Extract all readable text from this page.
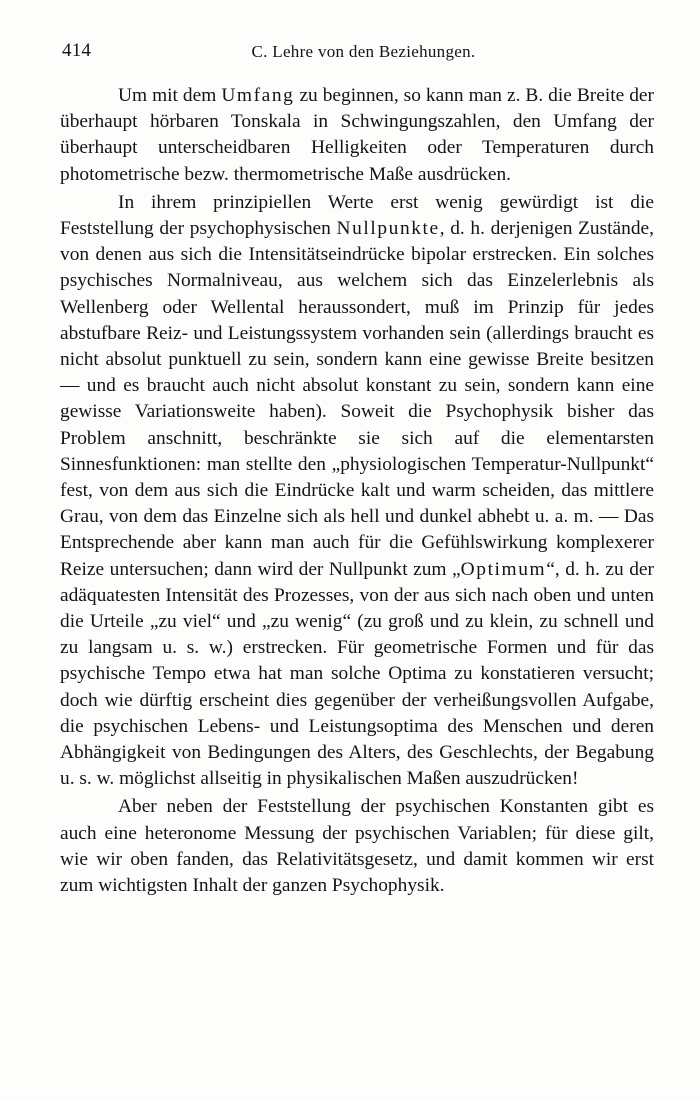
414	C. Lehre von den Beziehungen.

Um mit dem Umfang zu beginnen, so kann man z. B. die Breite der überhaupt hörbaren Tonskala in Schwingungszahlen, den Umfang der überhaupt unterscheidbaren Helligkeiten oder Temperaturen durch photometrische bezw. thermometrische Maße ausdrücken.

In ihrem prinzipiellen Werte erst wenig gewürdigt ist die Feststellung der psychophysischen Nullpunkte, d. h. derjenigen Zustände, von denen aus sich die Intensitätseindrücke bipolar erstrecken. Ein solches psychisches Normalniveau, aus welchem sich das Einzelerlebnis als Wellenberg oder Wellental heraussondert, muß im Prinzip für jedes abstufbare Reiz- und Leistungssystem vorhanden sein (allerdings braucht es nicht absolut punktuell zu sein, sondern kann eine gewisse Breite besitzen — und es braucht auch nicht absolut konstant zu sein, sondern kann eine gewisse Variationsweite haben). Soweit die Psychophysik bisher das Problem anschnitt, beschränkte sie sich auf die elementarsten Sinnesfunktionen: man stellte den „physiologischen Temperatur-Nullpunkt“ fest, von dem aus sich die Eindrücke kalt und warm scheiden, das mittlere Grau, von dem das Einzelne sich als hell und dunkel abhebt u. a. m. — Das Entsprechende aber kann man auch für die Gefühlswirkung komplexerer Reize untersuchen; dann wird der Nullpunkt zum „Optimum“, d. h. zu der adäquatesten Intensität des Prozesses, von der aus sich nach oben und unten die Urteile „zu viel“ und „zu wenig“ (zu groß und zu klein, zu schnell und zu langsam u. s. w.) erstrecken. Für geometrische Formen und für das psychische Tempo etwa hat man solche Optima zu konstatieren versucht; doch wie dürftig erscheint dies gegenüber der verheißungsvollen Aufgabe, die psychischen Lebens- und Leistungsoptima des Menschen und deren Abhängigkeit von Bedingungen des Alters, des Geschlechts, der Begabung u. s. w. möglichst allseitig in physikalischen Maßen auszudrücken!

Aber neben der Feststellung der psychischen Konstanten gibt es auch eine heteronome Messung der psychischen Variablen; für diese gilt, wie wir oben fanden, das Relativitätsgesetz, und damit kommen wir erst zum wichtigsten Inhalt der ganzen Psychophysik.
